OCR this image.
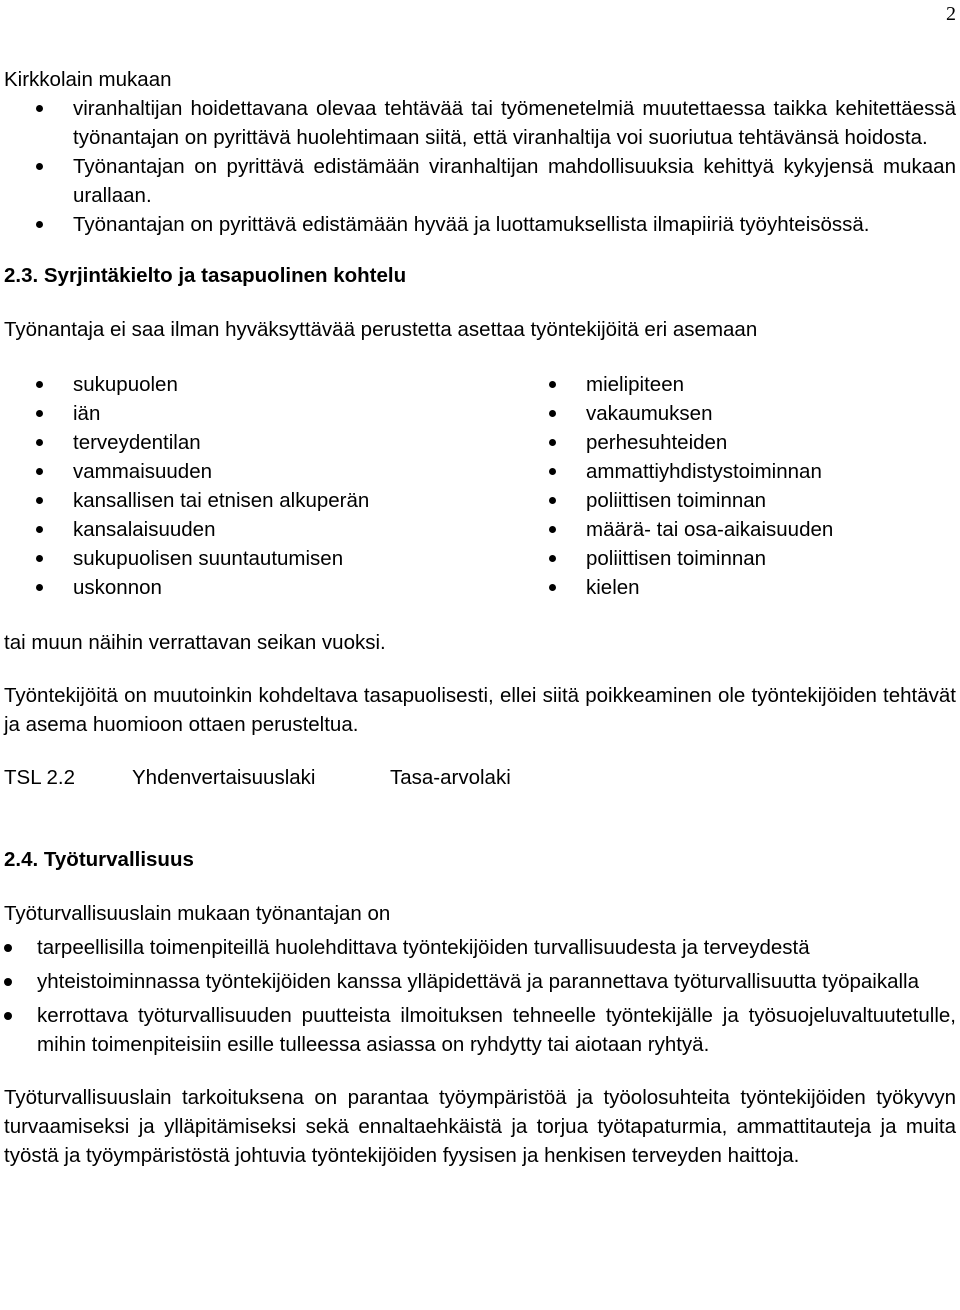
2

Kirkkolain mukaan

viranhaltijan hoidettavana olevaa tehtävää tai työmenetelmiä muutettaessa taikka kehitettäessä työnantajan on pyrittävä huolehtimaan siitä, että viranhaltija voi suoriutua tehtävänsä hoidosta.
Työnantajan on pyrittävä edistämään viranhaltijan mahdollisuuksia kehittyä kykyjensä mukaan urallaan.
Työnantajan on pyrittävä edistämään hyvää ja luottamuksellista ilmapiiriä työyhteisössä.

2.3. Syrjintäkielto ja tasapuolinen kohtelu

Työnantaja ei saa ilman hyväksyttävää perustetta asettaa työntekijöitä eri asemaan

sukupuolen
iän
terveydentilan
vammaisuuden
kansallisen tai etnisen alkuperän
kansalaisuuden
sukupuolisen suuntautumisen
uskonnon
mielipiteen
vakaumuksen
perhesuhteiden
ammattiyhdistystoiminnan
poliittisen toiminnan
määrä- tai osa-aikaisuuden
poliittisen toiminnan
kielen

tai muun näihin verrattavan seikan vuoksi.

Työntekijöitä on muutoinkin kohdeltava tasapuolisesti, ellei siitä poikkeaminen ole työntekijöiden tehtävät ja asema huomioon ottaen perusteltua.

TSL 2.2	Yhdenvertaisuuslaki	Tasa-arvolaki

2.4. Työturvallisuus

Työturvallisuuslain mukaan työnantajan on

tarpeellisilla toimenpiteillä huolehdittava työntekijöiden turvallisuudesta ja terveydestä
yhteistoiminnassa työntekijöiden kanssa ylläpidettävä ja parannettava työturvallisuutta työpaikalla
kerrottava työturvallisuuden puutteista ilmoituksen tehneelle työntekijälle ja työsuojeluvaltuutetulle, mihin toimenpiteisiin esille tulleessa asiassa on ryhdytty tai aiotaan ryhtyä.

Työturvallisuuslain tarkoituksena on parantaa työympäristöä ja työolosuhteita työntekijöiden työkyvyn turvaamiseksi ja ylläpitämiseksi sekä ennaltaehkäistä ja torjua työtapaturmia, ammattitauteja ja muita työstä ja työympäristöstä johtuvia työntekijöiden fyysisen ja henkisen terveyden haittoja.
